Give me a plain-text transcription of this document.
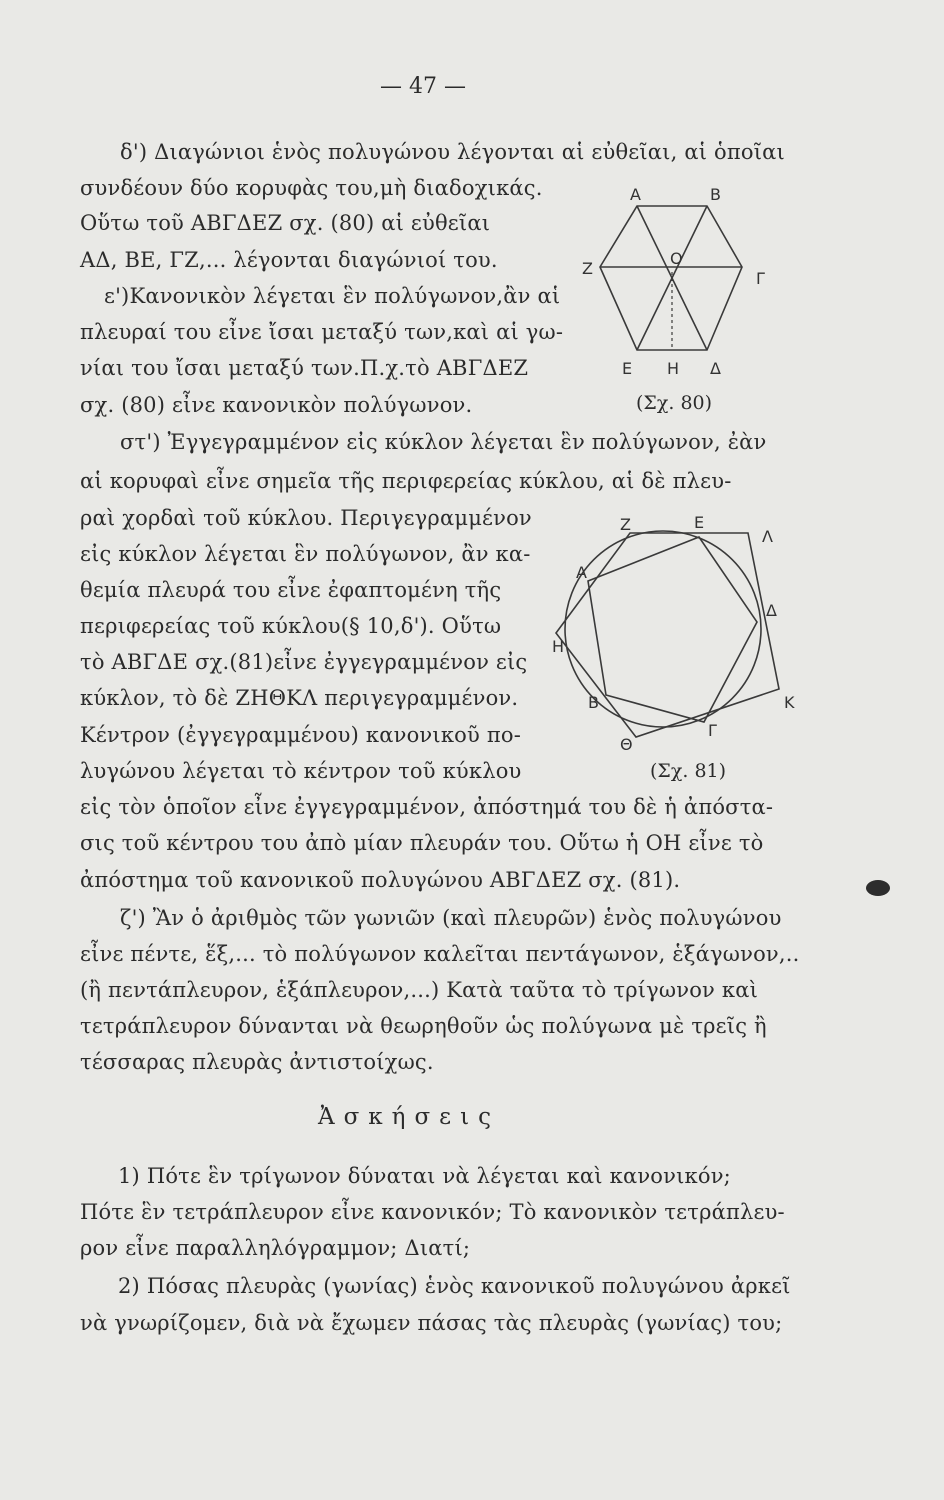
— 47 —
δ') Διαγώνιοι ἑνὸς πολυγώνου λέγονται αἱ εὐθεῖαι, αἱ ὁποῖαι
συνδέουν δύο κορυφὰς του,μὴ διαδοχικάς.
Οὕτω τοῦ ΑΒΓΔΕΖ σχ. (80) αἱ εὐθεῖαι
ΑΔ, ΒΕ, ΓΖ,... λέγονται διαγώνιοί του.
ε')Κανονικὸν λέγεται ἓν πολύγωνον,ἂν αἱ
πλευραί του εἶνε ἴσαι μεταξύ των,καὶ αἱ γω-
νίαι του ἴσαι μεταξύ των.Π.χ.τὸ ΑΒΓΔΕΖ
σχ. (80) εἶνε κανονικὸν πολύγωνον.
στ') Ἐγγεγραμμένον εἰς κύκλον λέγεται ἓν πολύγωνον, ἐὰν
αἱ κορυφαὶ εἶνε σημεῖα τῆς περιφερείας κύκλου, αἱ δὲ πλευ-
ραὶ χορδαὶ τοῦ κύκλου. Περιγεγραμμένον
εἰς κύκλον λέγεται ἓν πολύγωνον, ἂν κα-
θεμία πλευρά του εἶνε ἐφαπτομένη τῆς
περιφερείας τοῦ κύκλου(§ 10,δ'). Οὕτω
τὸ ΑΒΓΔΕ σχ.(81)εἶνε ἐγγεγραμμένον εἰς
κύκλον, τὸ δὲ ΖΗΘΚΛ περιγεγραμμένον.
Κέντρον (ἐγγεγραμμένου) κανονικοῦ πο-
λυγώνου λέγεται τὸ κέντρον τοῦ κύκλου
εἰς τὸν ὁποῖον εἶνε ἐγγεγραμμένον, ἀπόστημά του δὲ ἡ ἀπόστα-
σις τοῦ κέντρου του ἀπὸ μίαν πλευράν του. Οὕτω ἡ ΟΗ εἶνε τὸ
ἀπόστημα τοῦ κανονικοῦ πολυγώνου ΑΒΓΔΕΖ σχ. (81).
ζ') Ἂν ὁ ἀριθμὸς τῶν γωνιῶν (καὶ πλευρῶν) ἑνὸς πολυγώνου
εἶνε πέντε, ἕξ,... τὸ πολύγωνον καλεῖται πεντάγωνον, ἑξάγωνον,..
(ἢ πεντάπλευρον, ἑξάπλευρον,...) Κατὰ ταῦτα τὸ τρίγωνον καὶ
τετράπλευρον δύνανται νὰ θεωρηθοῦν ὡς πολύγωνα μὲ τρεῖς ἢ
τέσσαρας πλευρὰς ἀντιστοίχως.
Ἀσκήσεις
1) Πότε ἓν τρίγωνον δύναται νὰ λέγεται καὶ κανονικόν;
Πότε ἓν τετράπλευρον εἶνε κανονικόν; Τὸ κανονικὸν τετράπλευ-
ρον εἶνε παραλληλόγραμμον; Διατί;
2) Πόσας πλευρὰς (γωνίας) ἑνὸς κανονικοῦ πολυγώνου ἀρκεῖ
νὰ γνωρίζομεν, διὰ νὰ ἔχωμεν πάσας τὰς πλευρὰς (γωνίας) του;
A	B
Γ
Δ
E
Z
O
H
(Σχ. 80)
Z	E
Λ
A
Δ
H
B	K
Γ
Θ
(Σχ. 81)
